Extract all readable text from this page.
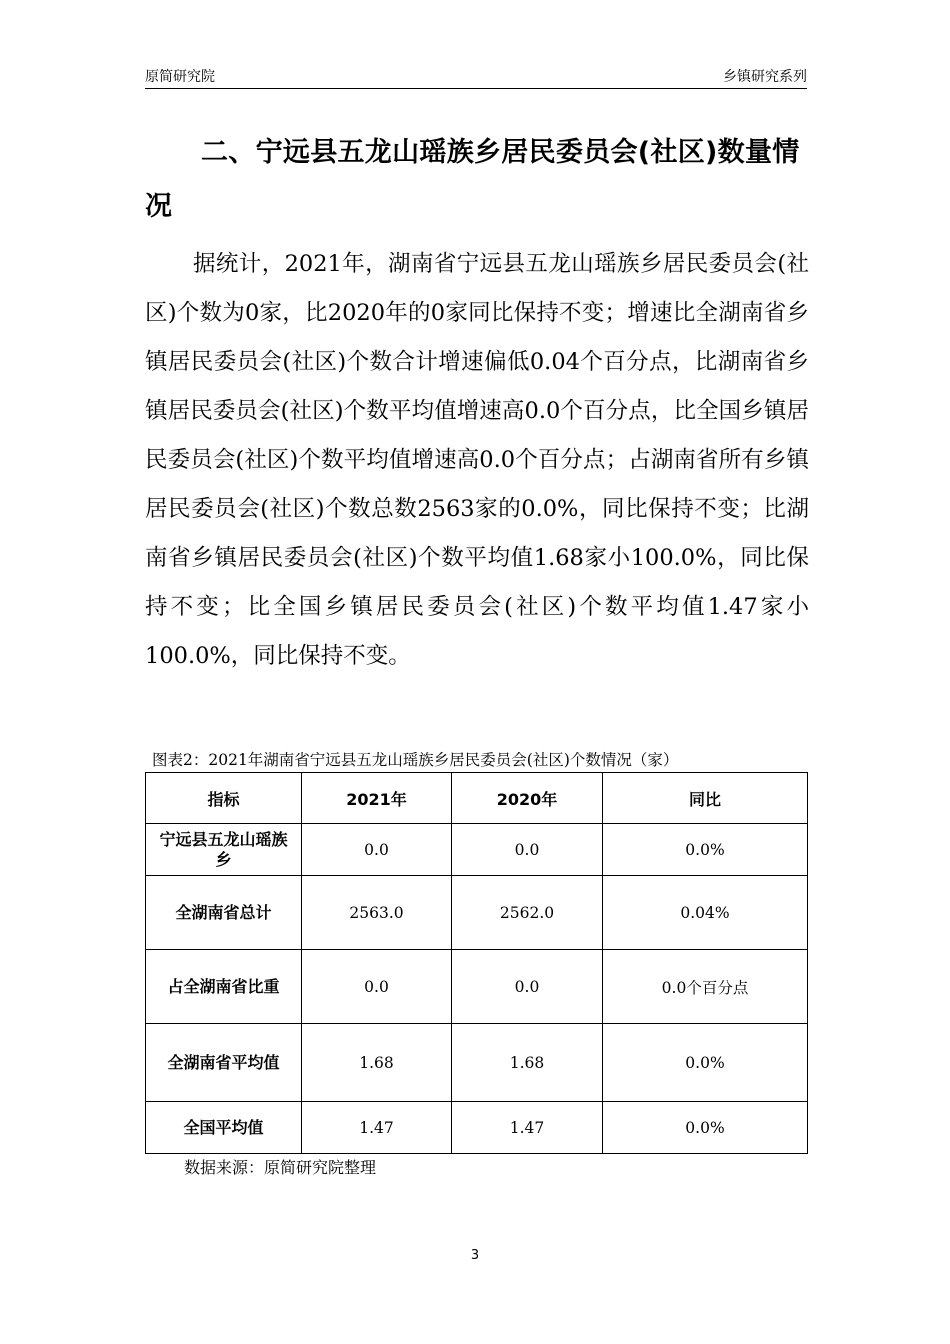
原简研究院	乡镇研究系列
二、宁远县五龙山瑶族乡居民委员会(社区)数量情况

据统计，2021年，湖南省宁远县五龙山瑶族乡居民委员会(社区)个数为0家，比2020年的0家同比保持不变；增速比全湖南省乡镇居民委员会(社区)个数合计增速偏低0.04个百分点，比湖南省乡镇居民委员会(社区)个数平均值增速高0.0个百分点，比全国乡镇居民委员会(社区)个数平均值增速高0.0个百分点；占湖南省所有乡镇居民委员会(社区)个数总数2563家的0.0%，同比保持不变；比湖南省乡镇居民委员会(社区)个数平均值1.68家小100.0%，同比保持不变；比全国乡镇居民委员会(社区)个数平均值1.47家小100.0%，同比保持不变。

图表2：2021年湖南省宁远县五龙山瑶族乡居民委员会(社区)个数情况（家）
指标	2021年	2020年	同比
宁远县五龙山瑶族乡	0.0	0.0	0.0%
全湖南省总计	2563.0	2562.0	0.04%
占全湖南省比重	0.0	0.0	0.0个百分点
全湖南省平均值	1.68	1.68	0.0%
全国平均值	1.47	1.47	0.0%
数据来源：原简研究院整理
3
